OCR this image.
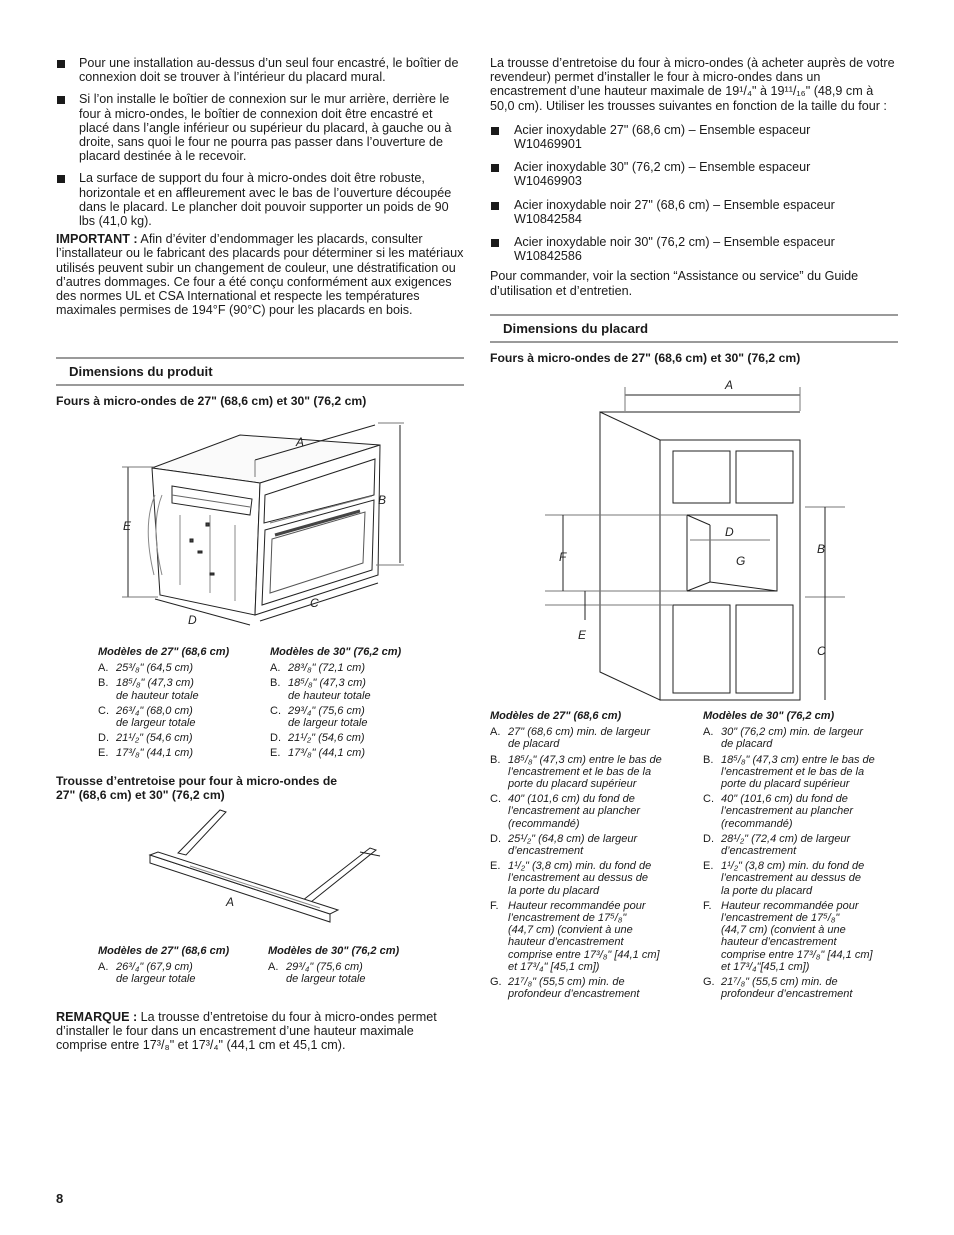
Pour une installation au-dessus d’un seul four encastré, le boîtier de connexion doit se trouver à l’intérieur du placard mural.
Si l’on installe le boîtier de connexion sur le mur arrière, derrière le four à micro-ondes, le boîtier de connexion doit être encastré et placé dans l’angle inférieur ou supérieur du placard, à gauche ou à droite, sans quoi le four ne pourra pas passer dans l’ouverture de placard destinée à le recevoir.
La surface de support du four à micro-ondes doit être robuste, horizontale et en affleurement avec le bas de l’ouverture découpée dans le placard. Le plancher doit pouvoir supporter un poids de 90 lbs (41,0 kg).

IMPORTANT : Afin d’éviter d’endommager les placards, consulter l’installateur ou le fabricant des placards pour déterminer si les matériaux utilisés peuvent subir un changement de couleur, une déstratification ou d’autres dommages. Ce four a été conçu conformément aux exigences des normes UL et CSA International et respecte les températures maximales permises de 194°F (90°C) pour les placards en bois.

Dimensions du produit
Fours à micro-ondes de 27" (68,6 cm) et 30" (76,2 cm)
A
B
C
D
E
Modèles de 27" (68,6 cm)
A. 25³/₈" (64,5 cm)
B. 18⁵/₈" (47,3 cm)
de hauteur totale
C. 26³/₄" (68,0 cm)
de largeur totale
D. 21¹/₂" (54,6 cm)
E. 17³/₈" (44,1 cm)
Modèles de 30" (76,2 cm)
A. 28³/₈" (72,1 cm)
B. 18⁵/₈" (47,3 cm)
de hauteur totale
C. 29³/₄" (75,6 cm)
de largeur totale
D. 21¹/₂" (54,6 cm)
E. 17³/₈" (44,1 cm)
Trousse d’entretoise pour four à micro-ondes de
27" (68,6 cm) et 30" (76,2 cm)
A
Modèles de 27" (68,6 cm)
A. 26³/₄" (67,9 cm)
de largeur totale
Modèles de 30" (76,2 cm)
A. 29³/₄" (75,6 cm)
de largeur totale

REMARQUE : La trousse d’entretoise du four à micro-ondes permet d’installer le four dans un encastrement d’une hauteur maximale comprise entre 17³/₈" et 17³/₄" (44,1 cm et 45,1 cm).

La trousse d’entretoise du four à micro-ondes (à acheter auprès de votre revendeur) permet d’installer le four à micro-ondes dans un encastrement d’une hauteur maximale de 19¹/₄" à 19¹¹/₁₆" (48,9 cm à 50,0 cm). Utiliser les trousses suivantes en fonction de la taille du four :

Acier inoxydable 27" (68,6 cm) – Ensemble espaceur
W10469901
Acier inoxydable 30" (76,2 cm) – Ensemble espaceur
W10469903
Acier inoxydable noir 27" (68,6 cm) – Ensemble espaceur
W10842584
Acier inoxydable noir 30" (76,2 cm) – Ensemble espaceur
W10842586

Pour commander, voir la section “Assistance ou service” du Guide d’utilisation et d’entretien.

Dimensions du placard
Fours à micro-ondes de 27" (68,6 cm) et 30" (76,2 cm)
A
B
C
D
E
F	G
Modèles de 27" (68,6 cm)
A. 27" (68,6 cm) min. de largeur
de placard
B. 18⁵/₈" (47,3 cm) entre le bas de
l’encastrement et le bas de la
porte du placard supérieur
C. 40" (101,6 cm) du fond de
l’encastrement au plancher
(recommandé)
D. 25¹/₂" (64,8 cm) de largeur
d’encastrement
E. 1¹/₂" (3,8 cm) min. du fond de
l’encastrement au dessus de
la porte du placard
F. Hauteur recommandée pour
l’encastrement de 17⁵/₈"
(44,7 cm) (convient à une
hauteur d’encastrement
comprise entre 17³/₈" [44,1 cm]
et 17³/₄" [45,1 cm])
G. 21⁷/₈" (55,5 cm) min. de
profondeur d’encastrement
Modèles de 30" (76,2 cm)
A. 30" (76,2 cm) min. de largeur
de placard
B. 18⁵/₈" (47,3 cm) entre le bas de
l’encastrement et le bas de la
porte du placard supérieur
C. 40" (101,6 cm) du fond de
l’encastrement au plancher
(recommandé)
D. 28¹/₂" (72,4 cm) de largeur
d’encastrement
E. 1¹/₂" (3,8 cm) min. du fond de
l’encastrement au dessus de
la porte du placard
F. Hauteur recommandée pour
l’encastrement de 17⁵/₈"
(44,7 cm) (convient à une
hauteur d’encastrement
comprise entre 17³/₈" [44,1 cm]
et 17³/₄"[45,1 cm])
G. 21⁷/₈" (55,5 cm) min. de
profondeur d’encastrement
8
